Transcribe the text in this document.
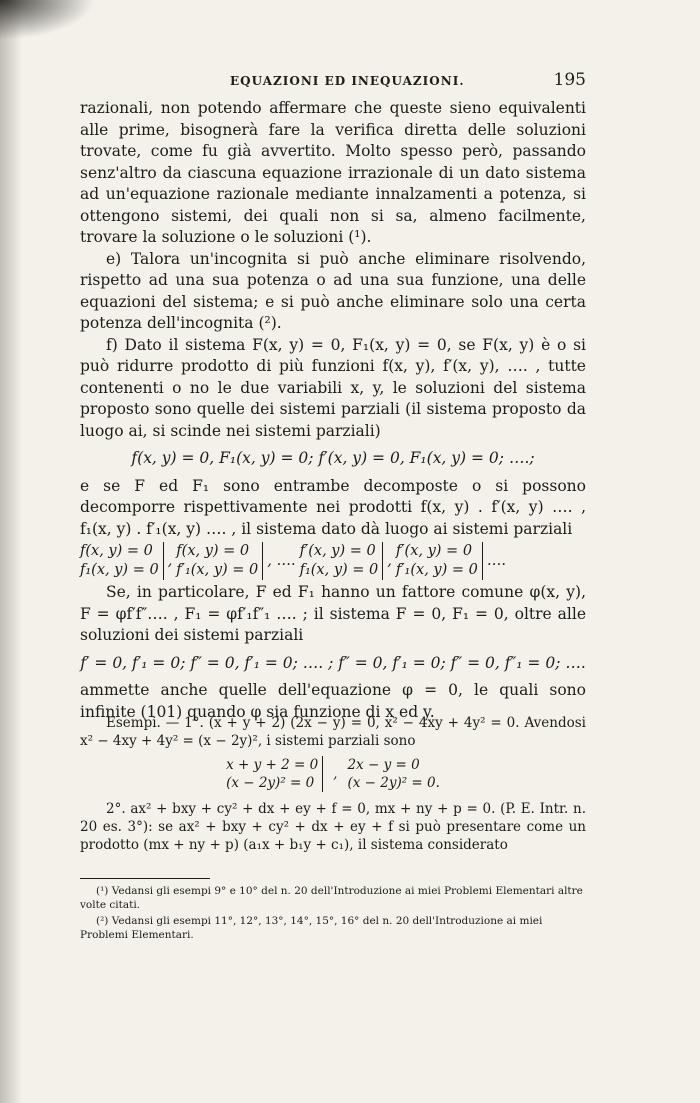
EQUAZIONI ED INEQUAZIONI.	195

razionali, non potendo affermare che queste sieno equivalenti alle prime, bisognerà fare la verifica diretta delle soluzioni trovate, come fu già avvertito. Molto spesso però, passando senz'altro da ciascuna equazione irrazionale di un dato sistema ad un'equazione razionale mediante innalzamenti a potenza, si ottengono sistemi, dei quali non si sa, almeno facilmente, trovare la soluzione o le soluzioni (¹).

e) Talora un'incognita si può anche eliminare risolvendo, rispetto ad una sua potenza o ad una sua funzione, una delle equazioni del sistema; e si può anche eliminare solo una certa potenza dell'incognita (²).

f) Dato il sistema F(x, y) = 0, F₁(x, y) = 0, se F(x, y) è o si può ridurre prodotto di più funzioni f(x, y), f′(x, y), …. , tutte contenenti o no le due variabili x, y, le soluzioni del sistema proposto sono quelle dei sistemi parziali (il sistema proposto da luogo ai, si scinde nei sistemi parziali)

f(x, y) = 0, F₁(x, y) = 0; f′(x, y) = 0, F₁(x, y) = 0; ….;

e se F ed F₁ sono entrambe decomposte o si possono decomporre rispettivamente nei prodotti f(x, y) . f′(x, y) …. , f₁(x, y) . f′₁(x, y) …. , il sistema dato dà luogo ai sistemi parziali

f(x, y) = 0
f₁(x, y) = 0
,
f(x, y) = 0
f′₁(x, y) = 0
, ….
f′(x, y) = 0
f₁(x, y) = 0
,
f′(x, y) = 0
f′₁(x, y) = 0
….

Se, in particolare, F ed F₁ hanno un fattore comune φ(x, y), F = φf′f″…. , F₁ = φf′₁f″₁ …. ; il sistema F = 0, F₁ = 0, oltre alle soluzioni dei sistemi parziali

f′ = 0, f′₁ = 0; f″ = 0, f′₁ = 0; …. ; f″ = 0, f′₁ = 0; f″ = 0, f″₁ = 0; ….

ammette anche quelle dell'equazione φ = 0, le quali sono infinite (101) quando φ sia funzione di x ed y.

Esempi. — 1°. (x + y + 2) (2x − y) = 0, x² − 4xy + 4y² = 0. Avendosi x² − 4xy + 4y² = (x − 2y)², i sistemi parziali sono

x + y + 2 = 0
(x − 2y)² = 0
,
2x − y = 0
(x − 2y)² = 0.

2°. ax² + bxy + cy² + dx + ey + f = 0, mx + ny + p = 0. (P. E. Intr. n. 20 es. 3°): se ax² + bxy + cy² + dx + ey + f si può presentare come un prodotto (mx + ny + p) (a₁x + b₁y + c₁), il sistema considerato

(¹) Vedansi gli esempi 9° e 10° del n. 20 dell'Introduzione ai miei Problemi Elementari altre volte citati.

(²) Vedansi gli esempi 11°, 12°, 13°, 14°, 15°, 16° del n. 20 dell'Introduzione ai miei Problemi Elementari.
